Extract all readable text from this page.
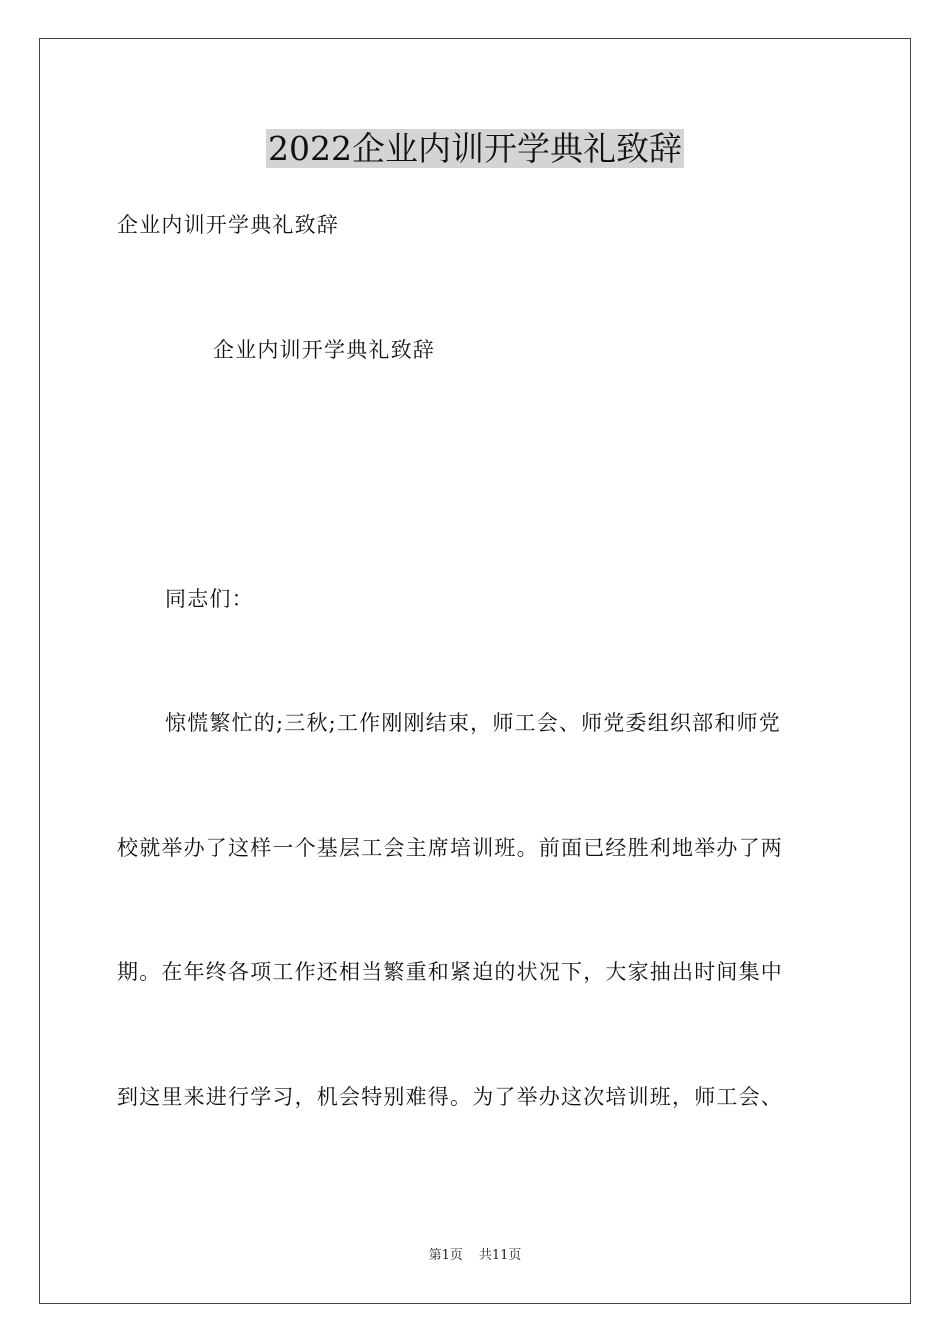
2022企业内训开学典礼致辞
企业内训开学典礼致辞
企业内训开学典礼致辞
同志们：
惊慌繁忙的;三秋;工作刚刚结束，师工会、师党委组织部和师党
校就举办了这样一个基层工会主席培训班。前面已经胜利地举办了两
期。在年终各项工作还相当繁重和紧迫的状况下，大家抽出时间集中
到这里来进行学习，机会特别难得。为了举办这次培训班，师工会、
第1页 共11页
